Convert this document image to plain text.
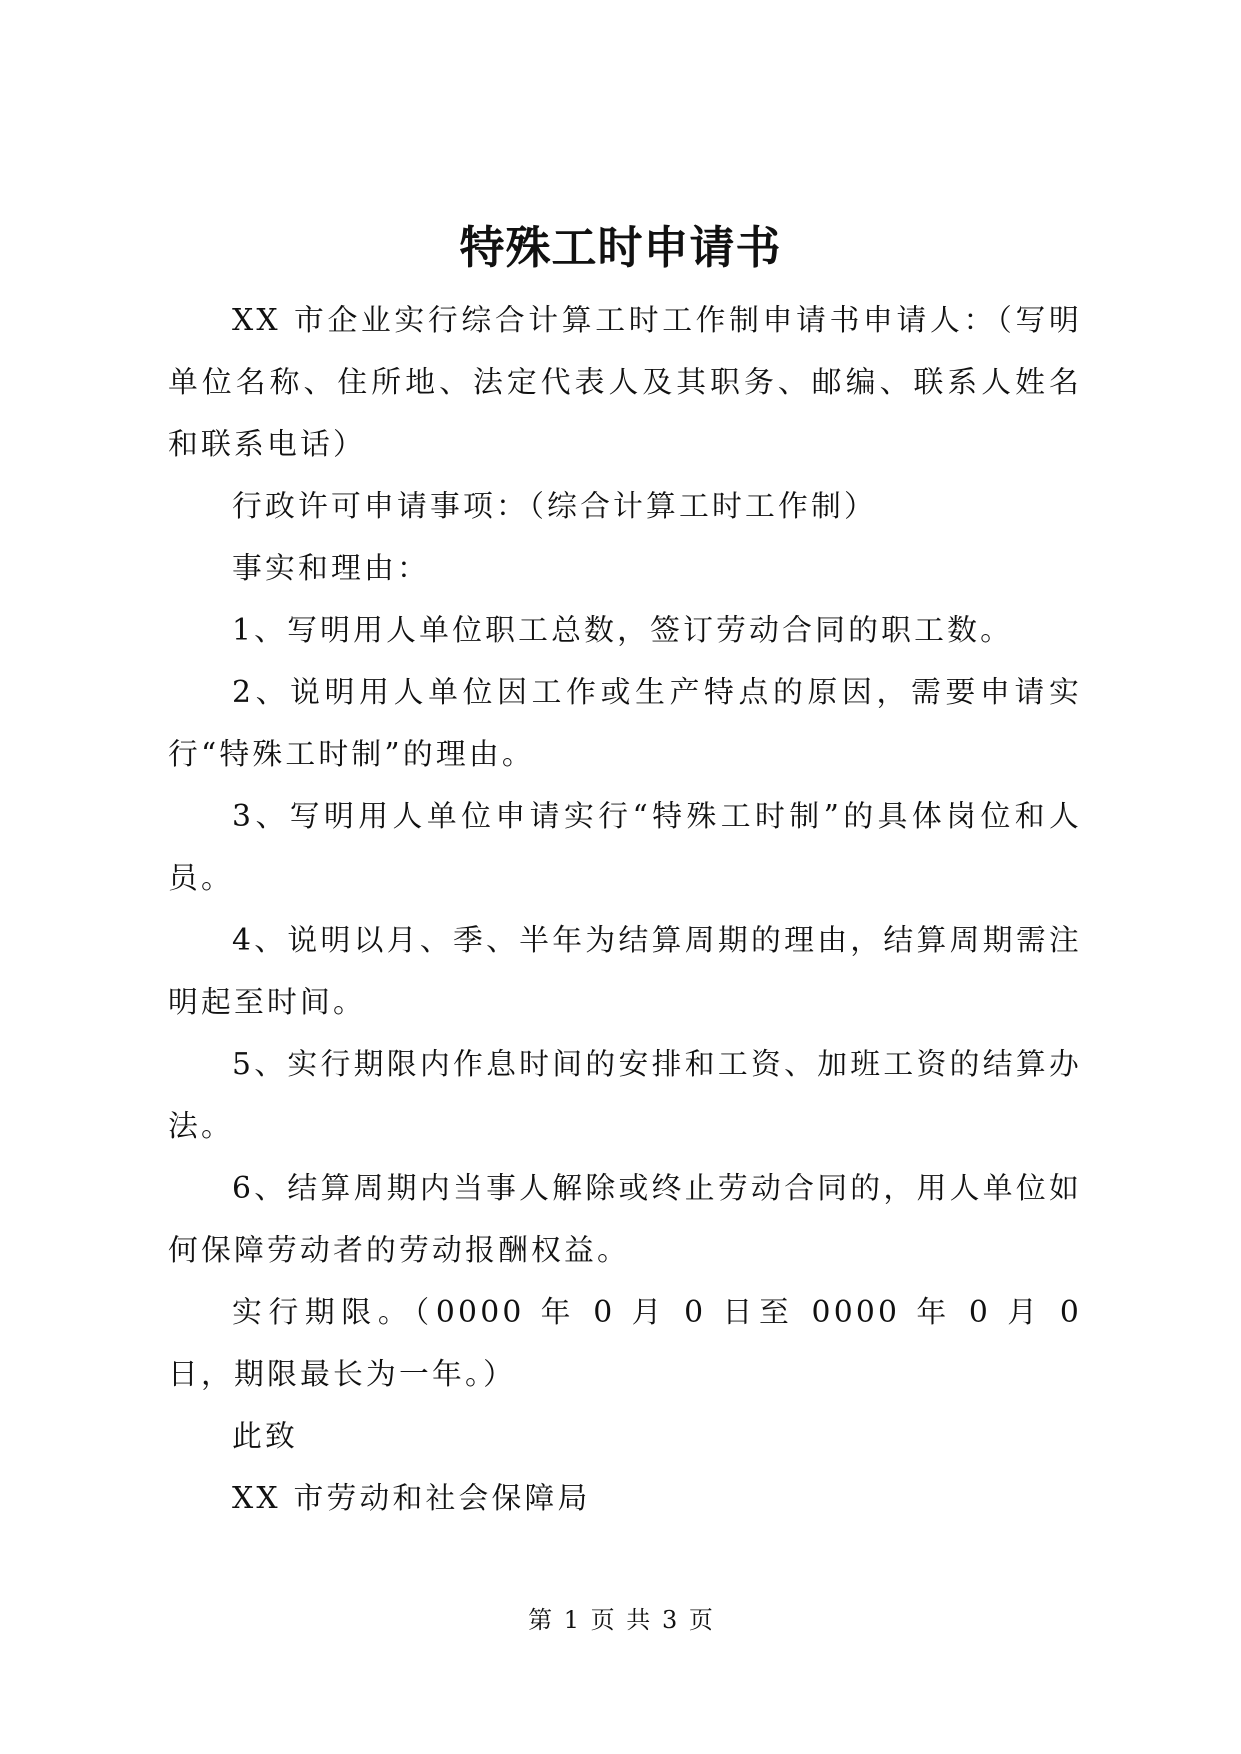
特殊工时申请书

XX 市企业实行综合计算工时工作制申请书申请人：（写明单位名称、住所地、法定代表人及其职务、邮编、联系人姓名和联系电话）

行政许可申请事项：（综合计算工时工作制）

事实和理由：

1、写明用人单位职工总数，签订劳动合同的职工数。

2、说明用人单位因工作或生产特点的原因，需要申请实行“特殊工时制”的理由。

3、写明用人单位申请实行“特殊工时制”的具体岗位和人员。

4、说明以月、季、半年为结算周期的理由，结算周期需注明起至时间。

5、实行期限内作息时间的安排和工资、加班工资的结算办法。

6、结算周期内当事人解除或终止劳动合同的，用人单位如何保障劳动者的劳动报酬权益。

实行期限。（0000 年 0 月 0 日至 0000 年 0 月 0 日，期限最长为一年。）

此致

XX 市劳动和社会保障局

第 1 页 共 3 页
